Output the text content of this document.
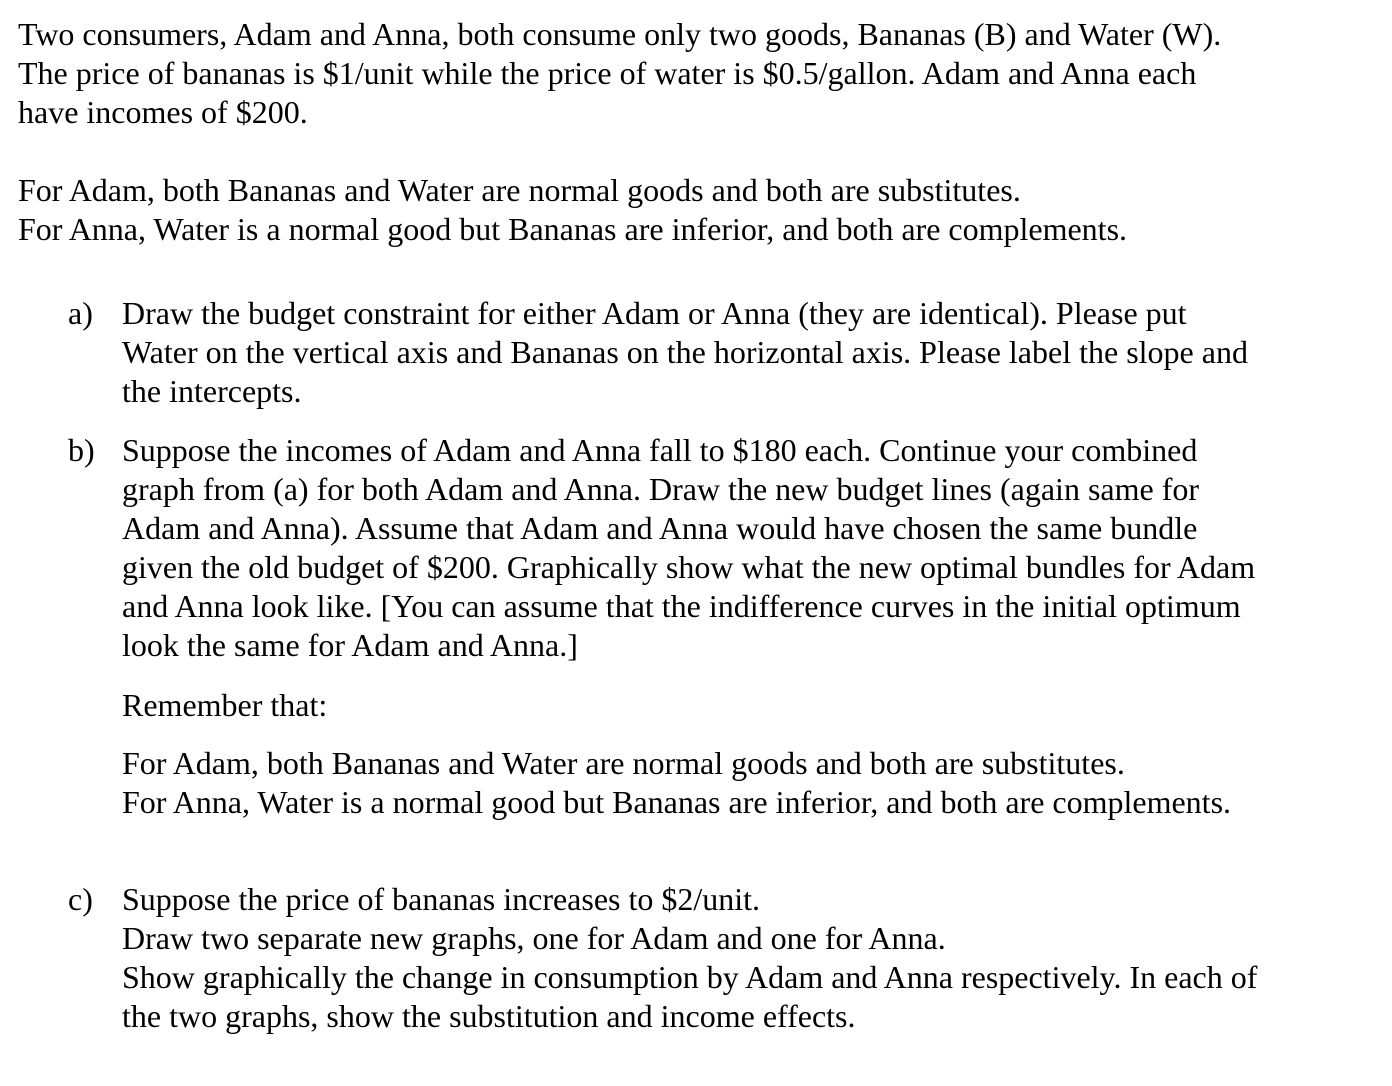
Two consumers, Adam and Anna, both consume only two goods, Bananas (B) and Water (W).
The price of bananas is $1/unit while the price of water is $0.5/gallon. Adam and Anna each
have incomes of $200.
For Adam, both Bananas and Water are normal goods and both are substitutes.
For Anna, Water is a normal good but Bananas are inferior, and both are complements.
a) Draw the budget constraint for either Adam or Anna (they are identical). Please put
Water on the vertical axis and Bananas on the horizontal axis. Please label the slope and
the intercepts.
b) Suppose the incomes of Adam and Anna fall to $180 each. Continue your combined
graph from (a) for both Adam and Anna. Draw the new budget lines (again same for
Adam and Anna). Assume that Adam and Anna would have chosen the same bundle
given the old budget of $200. Graphically show what the new optimal bundles for Adam
and Anna look like. [You can assume that the indifference curves in the initial optimum
look the same for Adam and Anna.]
Remember that:
For Adam, both Bananas and Water are normal goods and both are substitutes.
For Anna, Water is a normal good but Bananas are inferior, and both are complements.
c) Suppose the price of bananas increases to $2/unit.
Draw two separate new graphs, one for Adam and one for Anna.
Show graphically the change in consumption by Adam and Anna respectively. In each of
the two graphs, show the substitution and income effects.
